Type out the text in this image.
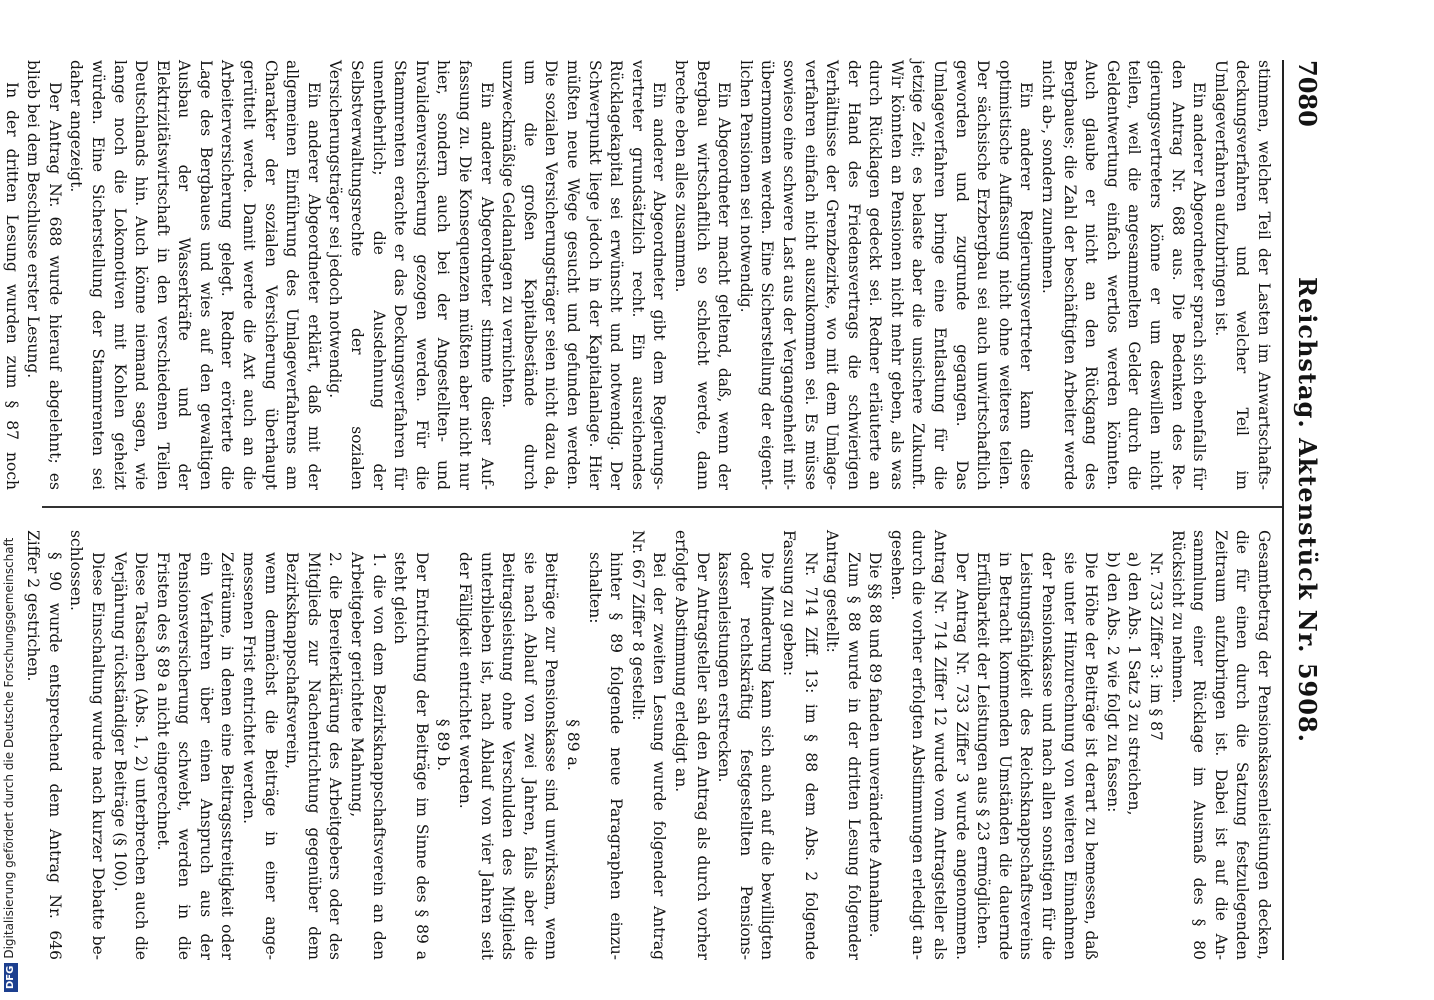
7080
Reichstag. Aktenstück Nr. 5908.

stimmen, welcher Teil der Lasten im Anwartschaftsdeckungsverfahren und welcher Teil im Umlageverfahren aufzubringen ist.

Ein anderer Abgeordneter sprach sich ebenfalls für den Antrag Nr. 688 aus. Die Bedenken des Regierungsvertreters könne er um deswillen nicht teilen, weil die angesammelten Gelder durch die Geldentwertung einfach wertlos werden könnten. Auch glaube er nicht an den Rückgang des Bergbaues; die Zahl der beschäftigten Arbeiter werde nicht ab-, sondern zunehmen.

Ein anderer Regierungsvertreter kann diese optimistische Auffassung nicht ohne weiteres teilen. Der sächsische Erzbergbau sei auch unwirtschaftlich geworden und zugrunde gegangen. Das Umlageverfahren bringe eine Entlastung für die jetzige Zeit; es belaste aber die unsichere Zukunft. Wir könnten an Pensionen nicht mehr geben, als was durch Rücklagen gedeckt sei. Redner erläuterte an der Hand des Friedensvertrags die schwierigen Verhältnisse der Grenzbezirke, wo mit dem Umlageverfahren einfach nicht auszukommen sei. Es müsse sowieso eine schwere Last aus der Vergangenheit mitübernommen werden. Eine Sicherstellung der eigentlichen Pensionen sei notwendig.

Ein Abgeordneter macht geltend, daß, wenn der Bergbau wirtschaftlich so schlecht werde, dann breche eben alles zusammen.

Ein anderer Abgeordneter gibt dem Regierungsvertreter grundsätzlich recht. Ein ausreichendes Rücklagekapital sei erwünscht und notwendig. Der Schwerpunkt liege jedoch in der Kapitalanlage. Hier müßten neue Wege gesucht und gefunden werden. Die sozialen Versicherungsträger seien nicht dazu da, um die großen Kapitalbestände durch unzweckmäßige Geldanlagen zu vernichten.

Ein anderer Abgeordneter stimmte dieser Auffassung zu. Die Konsequenzen müßten aber nicht nur hier, sondern auch bei der Angestellten- und Invalidenversicherung gezogen werden. Für die Stammrenten erachte er das Deckungsverfahren für unentbehrlich; die Ausdehnung der Selbstverwaltungsrechte der sozialen Versicherungsträger sei jedoch notwendig.

Ein anderer Abgeordneter erklärt, daß mit der allgemeinen Einführung des Umlageverfahrens am Charakter der sozialen Versicherung überhaupt gerüttelt werde. Damit werde die Axt auch an die Arbeiterversicherung gelegt. Redner erörterte die Lage des Bergbaues und wies auf den gewaltigen Ausbau der Wasserkräfte und der Elektrizitätswirtschaft in den verschiedenen Teilen Deutschlands hin. Auch könne niemand sagen, wie lange noch die Lokomotiven mit Kohlen geheizt würden. Eine Sicherstellung der Stammrenten sei daher angezeigt.

Der Antrag Nr. 688 wurde hierauf abgelehnt; es blieb bei dem Beschlusse erster Lesung.

In der dritten Lesung wurden zum § 87 noch

Gesamtbetrag der Pensionskassenleistungen decken, die für einen durch die Satzung festzulegenden Zeitraum aufzubringen ist. Dabei ist auf die Ansammlung einer Rücklage im Ausmaß des § 80 Rücksicht zu nehmen.

Nr. 733 Ziffer 3: im § 87

a) den Abs. 1 Satz 3 zu streichen,

b) den Abs. 2 wie folgt zu fassen:

Die Höhe der Beiträge ist derart zu bemessen, daß sie unter Hinzurechnung von weiteren Einnahmen der Pensionskasse und nach allen sonstigen für die Leistungsfähigkeit des Reichsknappschaftsvereins in Betracht kommenden Umständen die dauernde Erfülbarkeit der Leistungen aus § 23 ermöglichen.

Der Antrag Nr. 733 Ziffer 3 wurde angenommen. Antrag Nr. 714 Ziffer 12 wurde vom Antragsteller als durch die vorher erfolgten Abstimmungen erledigt angesehen.

Die §§ 88 und 89 fanden unveränderte Annahme.

Zum § 88 wurde in der dritten Lesung folgender Antrag gestellt:

Nr. 714 Ziff. 13: im § 88 dem Abs. 2 folgende Fassung zu geben:

Die Minderung kann sich auch auf die bewilligten oder rechtskräftig festgestellten Pensionskassenleistungen erstrecken.

Der Antragsteller sah den Antrag als durch vorher erfolgte Abstimmung erledigt an.

Bei der zweiten Lesung wurde folgender Antrag Nr. 667 Ziffer 8 gestellt:

hinter § 89 folgende neue Paragraphen einzuschalten:

§ 89 a.

Beiträge zur Pensionskasse sind unwirksam, wenn sie nach Ablauf von zwei Jahren, falls aber die Beitragsleistung ohne Verschulden des Mitglieds unterblieben ist, nach Ablauf von vier Jahren seit der Fälligkeit entrichtet werden.

§ 89 b.

Der Entrichtung der Beiträge im Sinne des § 89 a steht gleich

1. die von dem Bezirksknappschaftsverein an den Arbeitgeber gerichtete Mahnung,

2. die Bereiterklärung des Arbeitgebers oder des Mitglieds zur Nachentrichtung gegenüber dem Bezirksknappschaftsverein,

wenn demnächst die Beiträge in einer angemessenen Frist entrichtet werden.

Zeiträume, in denen eine Beitragsstreitigkeit oder ein Verfahren über einen Anspruch aus der Pensionsversicherung schwebt, werden in die Fristen des § 89 a nicht eingerechnet.

Diese Tatsachen (Abs. 1, 2) unterbrechen auch die Verjährung rückständiger Beiträge (§ 100).

Diese Einschaltung wurde nach kurzer Debatte beschlossen.

§ 90 wurde entsprechend dem Antrag Nr. 646 Ziffer 2 gestrichen.

DFGDigitalisierung gefördert durch die Deutsche Forschungsgemeinschaft
